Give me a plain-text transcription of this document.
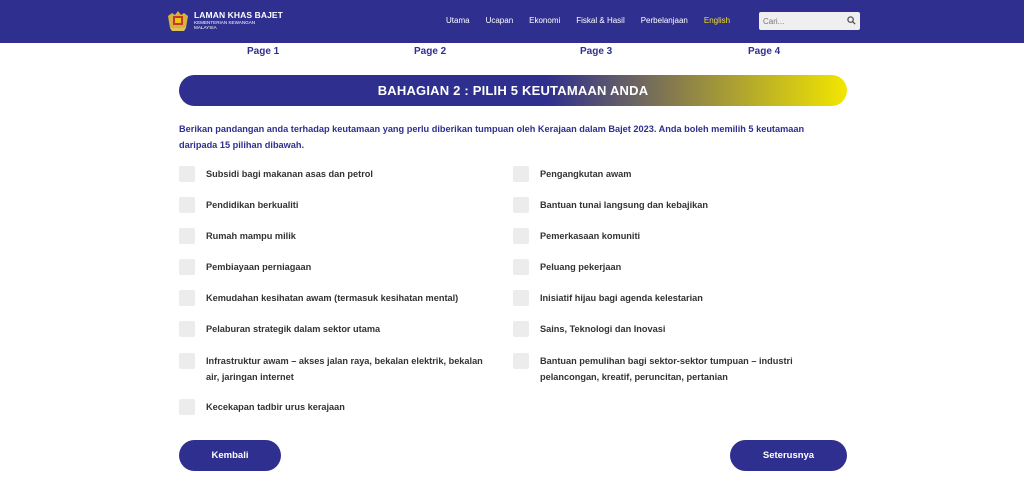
LAMAN KHAS BAJET
KEMENTERIAN KEWANGAN
MALAYSIA
Utama Ucapan Ekonomi Fiskal & Hasil Perbelanjaan English
Cari...
Page 1	Page 2	Page 3	Page 4
BAHAGIAN 2 : PILIH 5 KEUTAMAAN ANDA
Berikan pandangan anda terhadap keutamaan yang perlu diberikan tumpuan oleh Kerajaan dalam Bajet 2023. Anda boleh memilih 5 keutamaan
daripada 15 pilihan dibawah.
Subsidi bagi makanan asas dan petrol
Pendidikan berkualiti
Rumah mampu milik
Pembiayaan perniagaan
Kemudahan kesihatan awam (termasuk kesihatan mental)
Pelaburan strategik dalam sektor utama
Infrastruktur awam – akses jalan raya, bekalan elektrik, bekalan
air, jaringan internet
Kecekapan tadbir urus kerajaan
Pengangkutan awam
Bantuan tunai langsung dan kebajikan
Pemerkasaan komuniti
Peluang pekerjaan
Inisiatif hijau bagi agenda kelestarian
Sains, Teknologi dan Inovasi
Bantuan pemulihan bagi sektor-sektor tumpuan – industri
pelancongan, kreatif, peruncitan, pertanian
Kembali	Seterusnya
